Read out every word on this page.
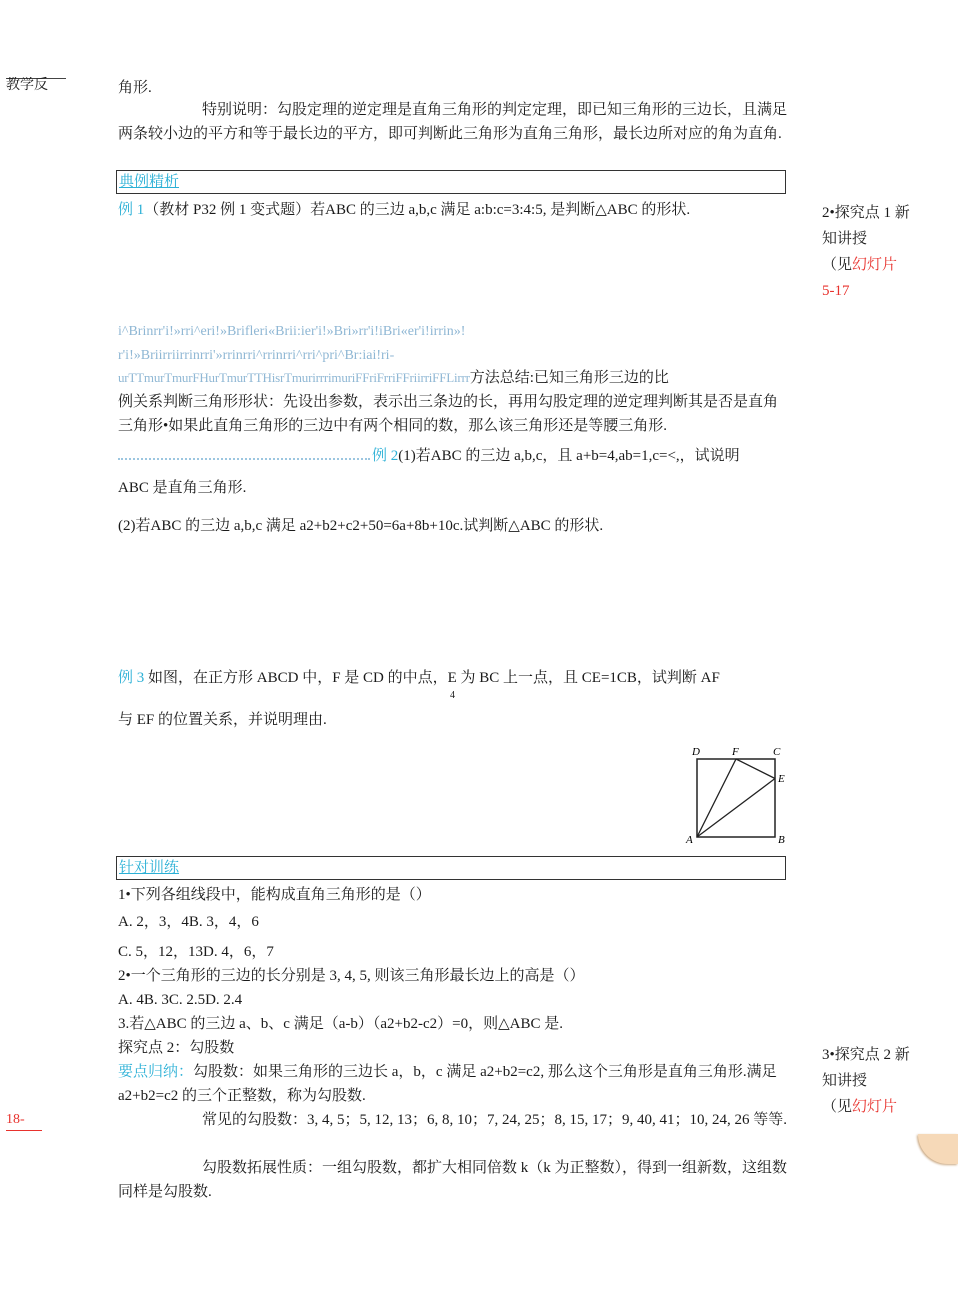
教学反
18-

角形.

特别说明：勾股定理的逆定理是直角三角形的判定定理，即已知三角形的三边长，且满足两条较小边的平方和等于最长边的平方，即可判断此三角形为直角三角形，最长边所对应的角为直角.

典例精析

例 1（教材 P32 例 1 变式题）若ABC 的三边 a,b,c 满足 a:b:c=3:4:5, 是判断△ABC 的形状.	2•探究点 1 新
知讲授
（见幻灯片
5-17
i^Brinrr'i!»rri^eri!»Brifleri«Brii:ier'i!»Bri»rr'i!iBri«er'i!irrin»!
r'i!»Briirriirrinrri'»rrinrri^rrinrri^rri^pri^Br:iai!ri-
urTTmurTmurFHurTmurTTHisrTmurirrrimuriFFriFrriFFriirriFFLirrr方法总结:已知三角形三边的比

例关系判断三角形形状：先设出参数，表示出三条边的长，再用勾股定理的逆定理判断其是否是直角三角形•如果此直角三角形的三边中有两个相同的数，那么该三角形还是等腰三角形.

例 2(1)若ABC 的三边 a,b,c，且 a+b=4,ab=1,c=<,，试说明

ABC 是直角三角形.

(2)若ABC 的三边 a,b,c 满足 a2+b2+c2+50=6a+8b+10c.试判断△ABC 的形状.

例 3 如图，在正方形 ABCD 中，F 是 CD 的中点，E 为 BC 上一点，且 CE=1CB，试判断 AF

4

与 EF 的位置关系，并说明理由.

D	F	C
E
A	B
针对训练

1•下列各组线段中，能构成直角三角形的是（）

A. 2，3，4B. 3，4，6

C. 5，12，13D. 4，6，7

2•一个三角形的三边的长分别是 3, 4, 5, 则该三角形最长边上的高是（）

A. 4B. 3C. 2.5D. 2.4

3.若△ABC 的三边 a、b、c 满足（a-b）（a2+b2-c2）=0，则△ABC 是.

探究点 2：勾股数

要点归纳：勾股数：如果三角形的三边长 a，b，c 满足 a2+b2=c2, 那么这个三角形是直角三角形.满足 a2+b2=c2 的三个正整数，称为勾股数.

常见的勾股数：3, 4, 5；5, 12, 13；6, 8, 10；7, 24, 25；8, 15, 17；9, 40, 41；10, 24, 26 等等.

勾股数拓展性质：一组勾股数，都扩大相同倍数 k（k 为正整数），得到一组新数，这组数同样是勾股数.

3•探究点 2 新
知讲授
（见幻灯片
